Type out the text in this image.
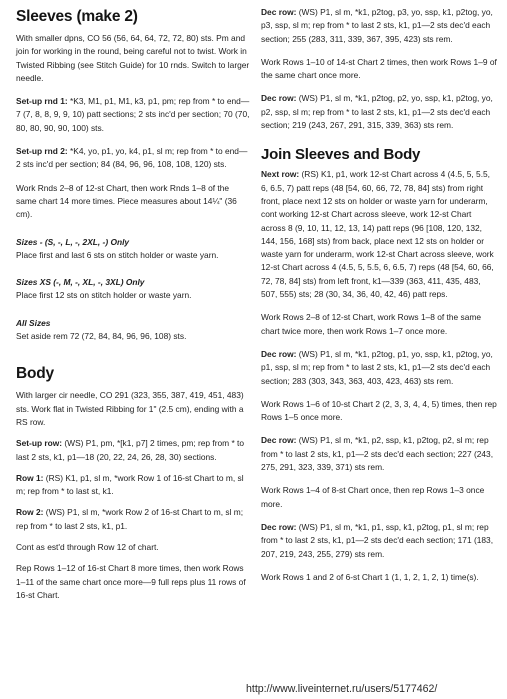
Sleeves (make 2)

With smaller dpns, CO 56 (56, 64, 64, 72, 72, 80) sts. Pm and join for working in the round, being careful not to twist. Work in Twisted Ribbing (see Stitch Guide) for 10 rnds. Switch to larger needle.

Set-up rnd 1: *K3, M1, p1, M1, k3, p1, pm; rep from * to end—7 (7, 8, 8, 9, 9, 10) patt sections; 2 sts inc'd per section; 70 (70, 80, 80, 90, 90, 100) sts.

Set-up rnd 2: *K4, yo, p1, yo, k4, p1, sl m; rep from * to end—2 sts inc'd per section; 84 (84, 96, 96, 108, 108, 120) sts.

Work Rnds 2–8 of 12-st Chart, then work Rnds 1–8 of the same chart 14 more times. Piece measures about 14¼" (36 cm).

Sizes - (S, -, L, -, 2XL, -) Only
Place first and last 6 sts on stitch holder or waste yarn.

Sizes XS (-, M, -, XL, -, 3XL) Only
Place first 12 sts on stitch holder or waste yarn.

All Sizes
Set aside rem 72 (72, 84, 84, 96, 96, 108) sts.

Body

With larger cir needle, CO 291 (323, 355, 387, 419, 451, 483) sts. Work flat in Twisted Ribbing for 1" (2.5 cm), ending with a RS row.

Set-up row: (WS) P1, pm, *[k1, p7] 2 times, pm; rep from * to last 2 sts, k1, p1—18 (20, 22, 24, 26, 28, 30) sections.

Row 1: (RS) K1, p1, sl m, *work Row 1 of 16-st Chart to m, sl m; rep from * to last st, k1.

Row 2: (WS) P1, sl m, *work Row 2 of 16-st Chart to m, sl m; rep from * to last 2 sts, k1, p1.

Cont as est'd through Row 12 of chart.

Rep Rows 1–12 of 16-st Chart 8 more times, then work Rows 1–11 of the same chart once more—9 full reps plus 11 rows of 16-st Chart.

Dec row: (WS) P1, sl m, *k1, p2tog, p3, yo, ssp, k1, p2tog, yo, p3, ssp, sl m; rep from * to last 2 sts, k1, p1—2 sts dec'd each section; 255 (283, 311, 339, 367, 395, 423) sts rem.

Work Rows 1–10 of 14-st Chart 2 times, then work Rows 1–9 of the same chart once more.

Dec row: (WS) P1, sl m, *k1, p2tog, p2, yo, ssp, k1, p2tog, yo, p2, ssp, sl m; rep from * to last 2 sts, k1, p1—2 sts dec'd each section; 219 (243, 267, 291, 315, 339, 363) sts rem.

Join Sleeves and Body

Next row: (RS) K1, p1, work 12-st Chart across 4 (4.5, 5, 5.5, 6, 6.5, 7) patt reps (48 [54, 60, 66, 72, 78, 84] sts) from right front, place next 12 sts on holder or waste yarn for underarm, cont working 12-st Chart across sleeve, work 12-st Chart across 8 (9, 10, 11, 12, 13, 14) patt reps (96 [108, 120, 132, 144, 156, 168] sts) from back, place next 12 sts on holder or waste yarn for underarm, work 12-st Chart across sleeve, work 12-st Chart across 4 (4.5, 5, 5.5, 6, 6.5, 7) reps (48 [54, 60, 66, 72, 78, 84] sts) from left front, k1—339 (363, 411, 435, 483, 507, 555) sts; 28 (30, 34, 36, 40, 42, 46) patt reps.

Work Rows 2–8 of 12-st Chart, work Rows 1–8 of the same chart twice more, then work Rows 1–7 once more.

Dec row: (WS) P1, sl m, *k1, p2tog, p1, yo, ssp, k1, p2tog, yo, p1, ssp, sl m; rep from * to last 2 sts, k1, p1—2 sts dec'd each section; 283 (303, 343, 363, 403, 423, 463) sts rem.

Work Rows 1–6 of 10-st Chart 2 (2, 3, 3, 4, 4, 5) times, then rep Rows 1–5 once more.

Dec row: (WS) P1, sl m, *k1, p2, ssp, k1, p2tog, p2, sl m; rep from * to last 2 sts, k1, p1—2 sts dec'd each section; 227 (243, 275, 291, 323, 339, 371) sts rem.

Work Rows 1–4 of 8-st Chart once, then rep Rows 1–3 once more.

Dec row: (WS) P1, sl m, *k1, p1, ssp, k1, p2tog, p1, sl m; rep from * to last 2 sts, k1, p1—2 sts dec'd each section; 171 (183, 207, 219, 243, 255, 279) sts rem.

Work Rows 1 and 2 of 6-st Chart 1 (1, 1, 2, 1, 2, 1) time(s).

http://www.liveinternet.ru/users/5177462/
